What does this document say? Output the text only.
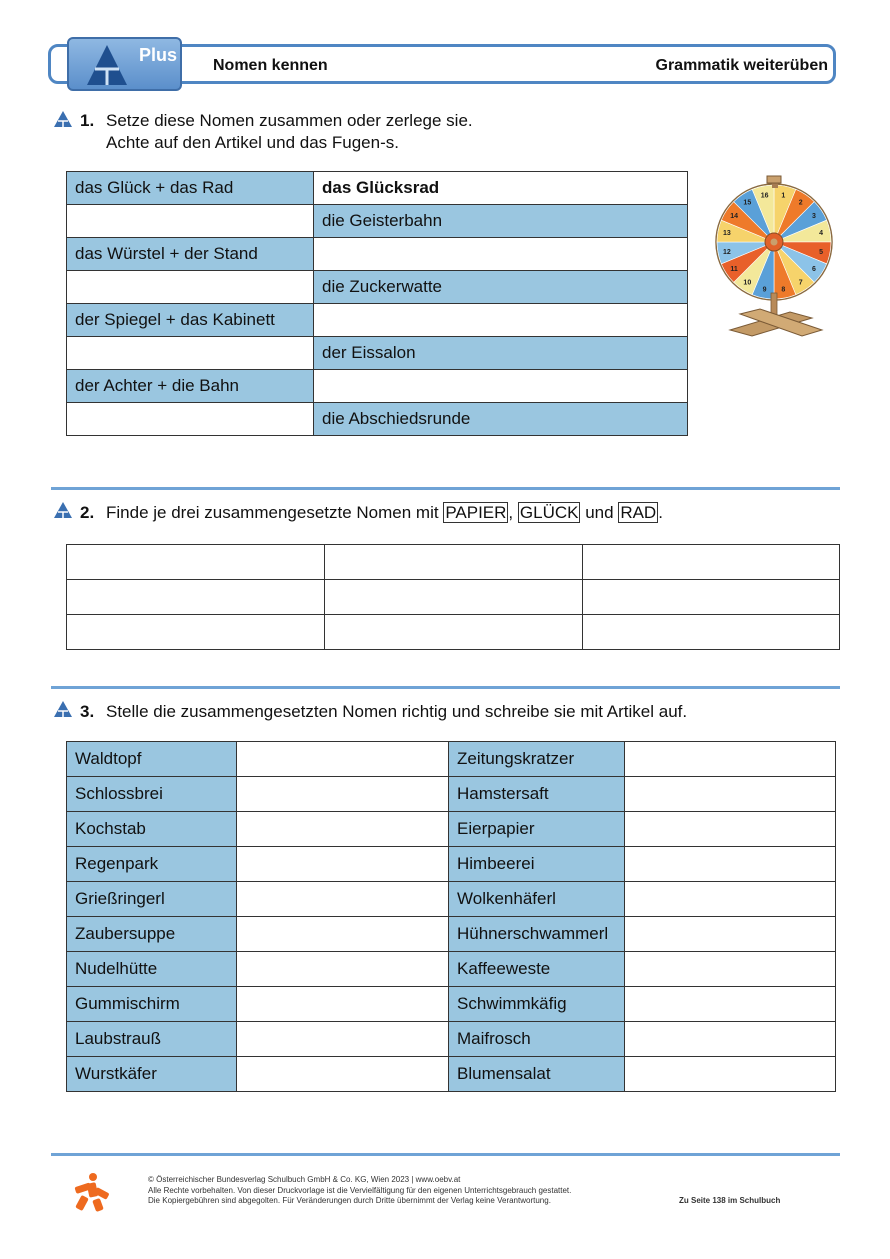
Plus
Nomen kennen	Grammatik weiterüben
1. Setze diese Nomen zusammen oder zerlege sie.
Achte auf den Artikel und das Fugen-s.
das Glück + das Rad	das Glücksrad
	die Geisterbahn
das Würstel + der Stand	
	die Zuckerwatte
der Spiegel + das Kabinett	
	der Eissalon
der Achter + die Bahn	
	die Abschiedsrunde
1
2
3
4
5
6
7
8
9
10
11
12
13
14
15
16
2. Finde je drei zusammengesetzte Nomen mit PAPIER , GLÜCK und RAD .

3. Stelle die zusammengesetzten Nomen richtig und schreibe sie mit Artikel auf.
Waldtopf		Zeitungskratzer	
Schlossbrei		Hamstersaft	
Kochstab		Eierpapier	
Regenpark		Himbeerei	
Grießringerl		Wolkenhäferl	
Zaubersuppe		Hühnerschwammerl	
Nudelhütte		Kaffeeweste	
Gummischirm		Schwimmkäfig	
Laubstrauß		Maifrosch	
Wurstkäfer		Blumensalat	
© Österreichischer Bundesverlag Schulbuch GmbH & Co. KG, Wien 2023 | www.oebv.at
Alle Rechte vorbehalten. Von dieser Druckvorlage ist die Vervielfältigung für den eigenen Unterrichtsgebrauch gestattet.
Die Kopiergebühren sind abgegolten. Für Veränderungen durch Dritte übernimmt der Verlag keine Verantwortung.	Zu Seite 138 im Schulbuch
